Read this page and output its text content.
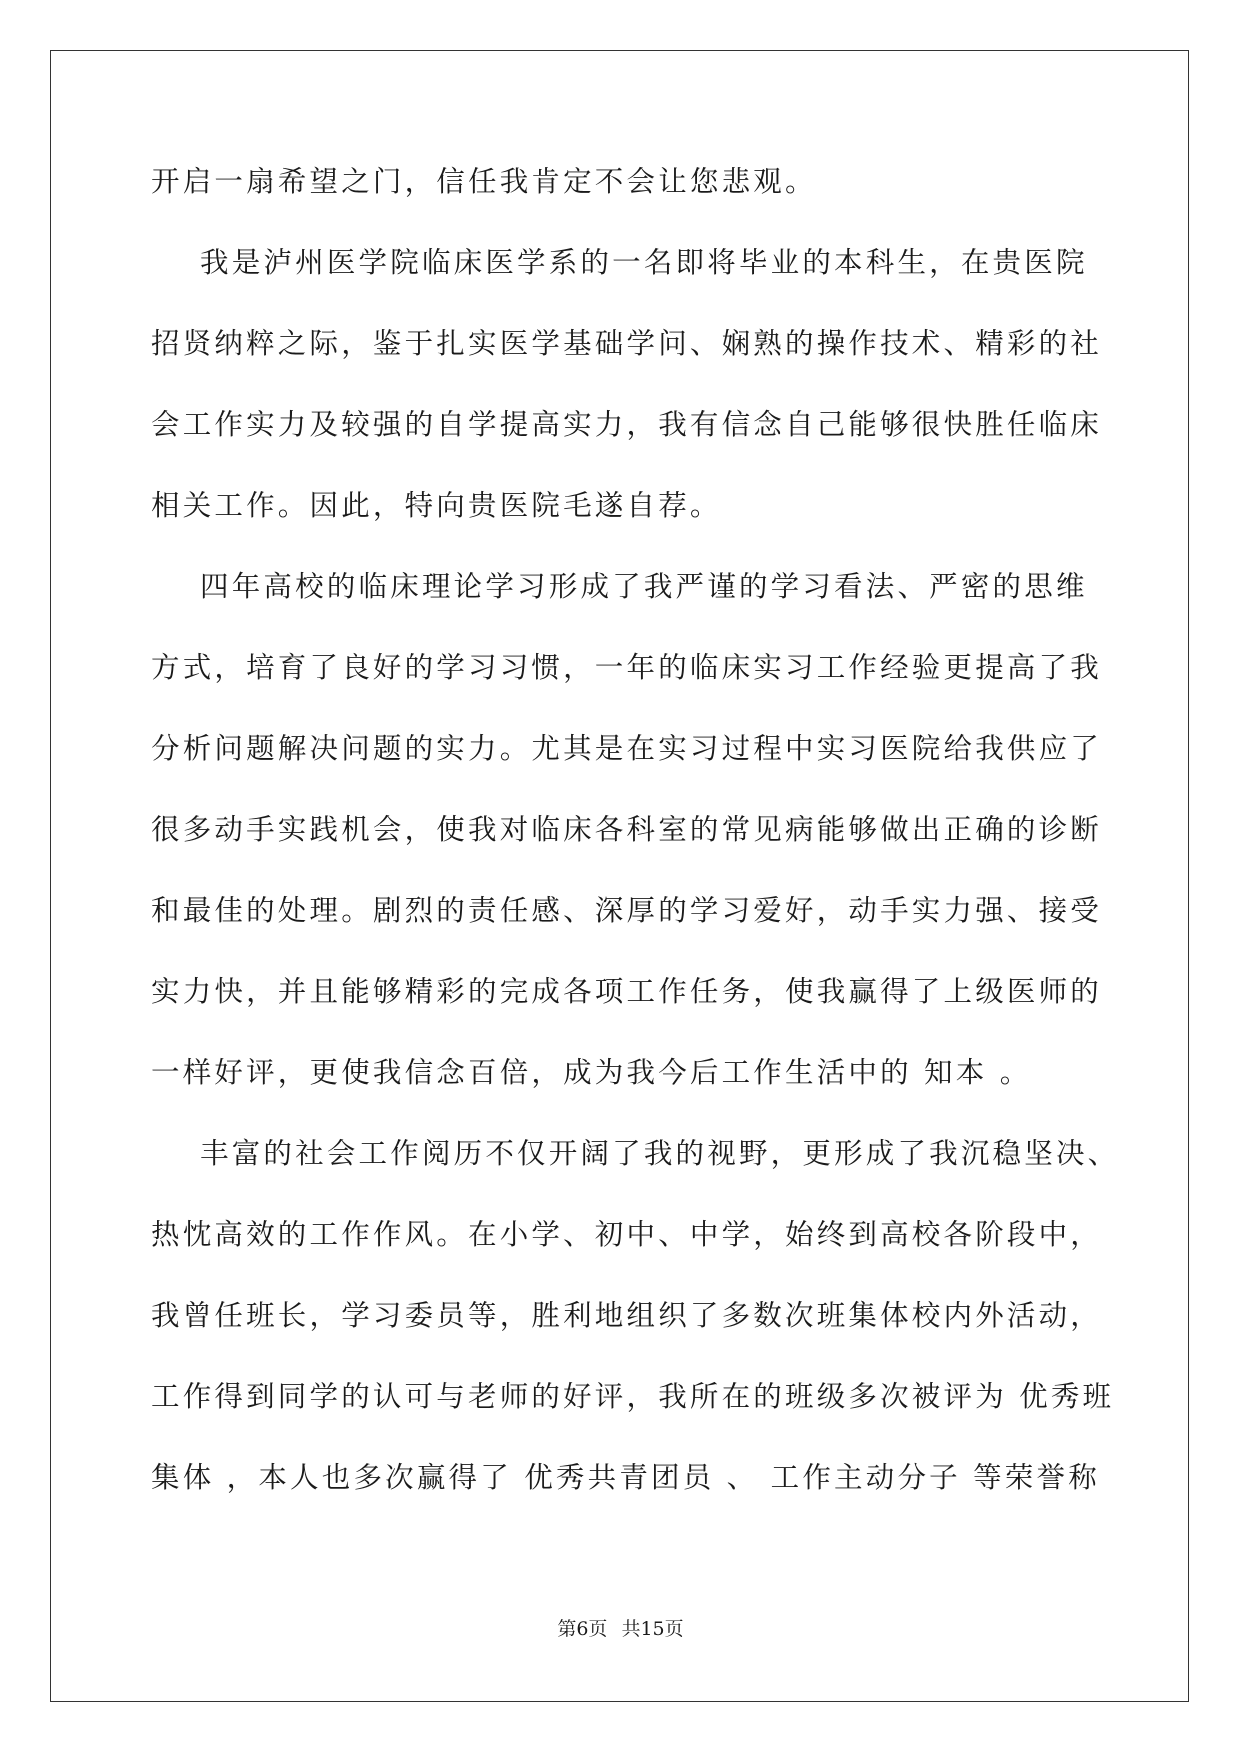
开启一扇希望之门，信任我肯定不会让您悲观。
我是泸州医学院临床医学系的一名即将毕业的本科生，在贵医院
招贤纳粹之际，鉴于扎实医学基础学问、娴熟的操作技术、精彩的社
会工作实力及较强的自学提高实力，我有信念自己能够很快胜任临床
相关工作。因此，特向贵医院毛遂自荐。
四年高校的临床理论学习形成了我严谨的学习看法、严密的思维
方式，培育了良好的学习习惯，一年的临床实习工作经验更提高了我
分析问题解决问题的实力。尤其是在实习过程中实习医院给我供应了
很多动手实践机会，使我对临床各科室的常见病能够做出正确的诊断
和最佳的处理。剧烈的责任感、深厚的学习爱好，动手实力强、接受
实力快，并且能够精彩的完成各项工作任务，使我赢得了上级医师的
一样好评，更使我信念百倍，成为我今后工作生活中的 知本 。
丰富的社会工作阅历不仅开阔了我的视野，更形成了我沉稳坚决、
热忱高效的工作作风。在小学、初中、中学，始终到高校各阶段中，
我曾任班长，学习委员等，胜利地组织了多数次班集体校内外活动，
工作得到同学的认可与老师的好评，我所在的班级多次被评为 优秀班
集体 ，本人也多次赢得了 优秀共青团员 、 工作主动分子 等荣誉称
第6页 共15页
